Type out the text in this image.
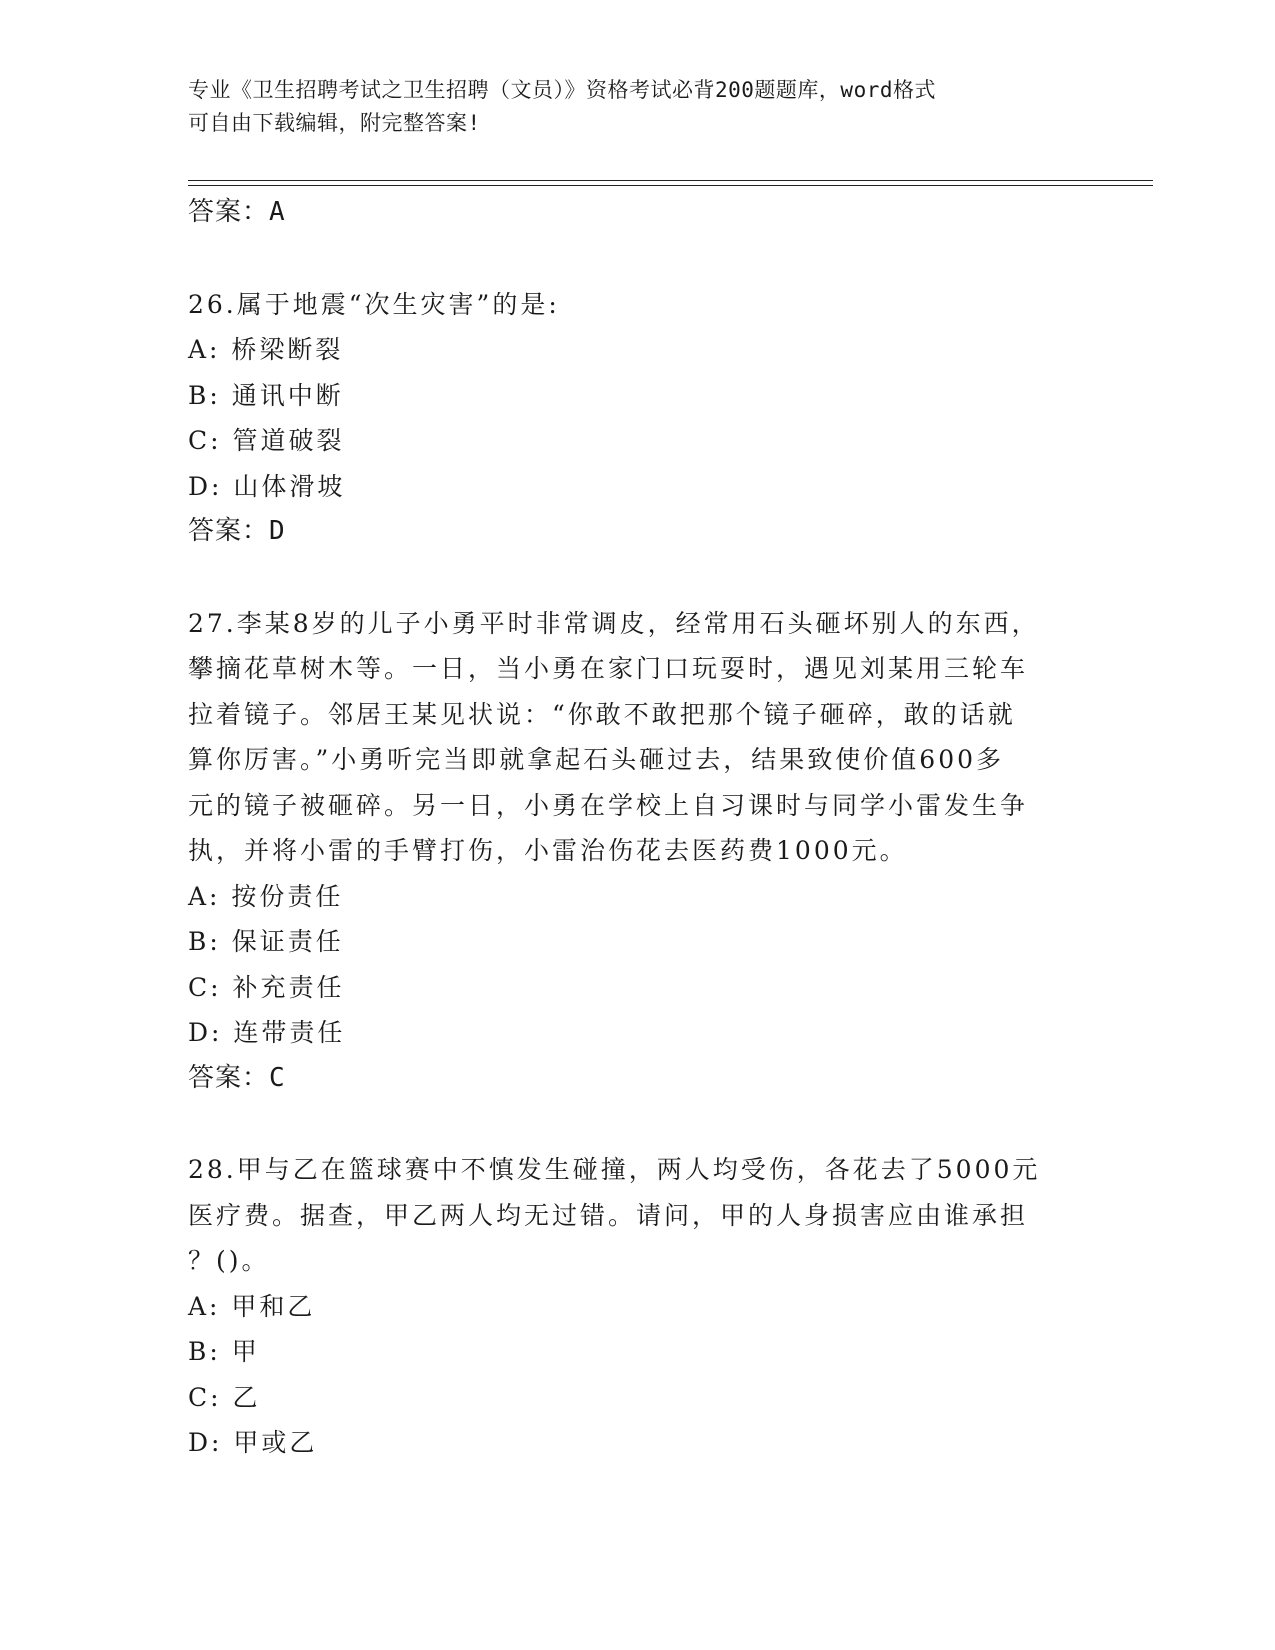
专业《卫生招聘考试之卫生招聘（文员）》资格考试必背200题题库，word格式
可自由下载编辑，附完整答案!
答案：A
26.属于地震“次生灾害”的是:
A: 桥梁断裂
B: 通讯中断
C: 管道破裂
D: 山体滑坡
答案：D
27.李某8岁的儿子小勇平时非常调皮，经常用石头砸坏别人的东西，
攀摘花草树木等。一日，当小勇在家门口玩耍时，遇见刘某用三轮车
拉着镜子。邻居王某见状说：“你敢不敢把那个镜子砸碎，敢的话就
算你厉害。”小勇听完当即就拿起石头砸过去，结果致使价值600多
元的镜子被砸碎。另一日，小勇在学校上自习课时与同学小雷发生争
执，并将小雷的手臂打伤，小雷治伤花去医药费1000元。
A: 按份责任
B: 保证责任
C: 补充责任
D: 连带责任
答案：C
28.甲与乙在篮球赛中不慎发生碰撞，两人均受伤，各花去了5000元
医疗费。据查，甲乙两人均无过错。请问，甲的人身损害应由谁承担
？()。
A: 甲和乙
B: 甲
C: 乙
D: 甲或乙
